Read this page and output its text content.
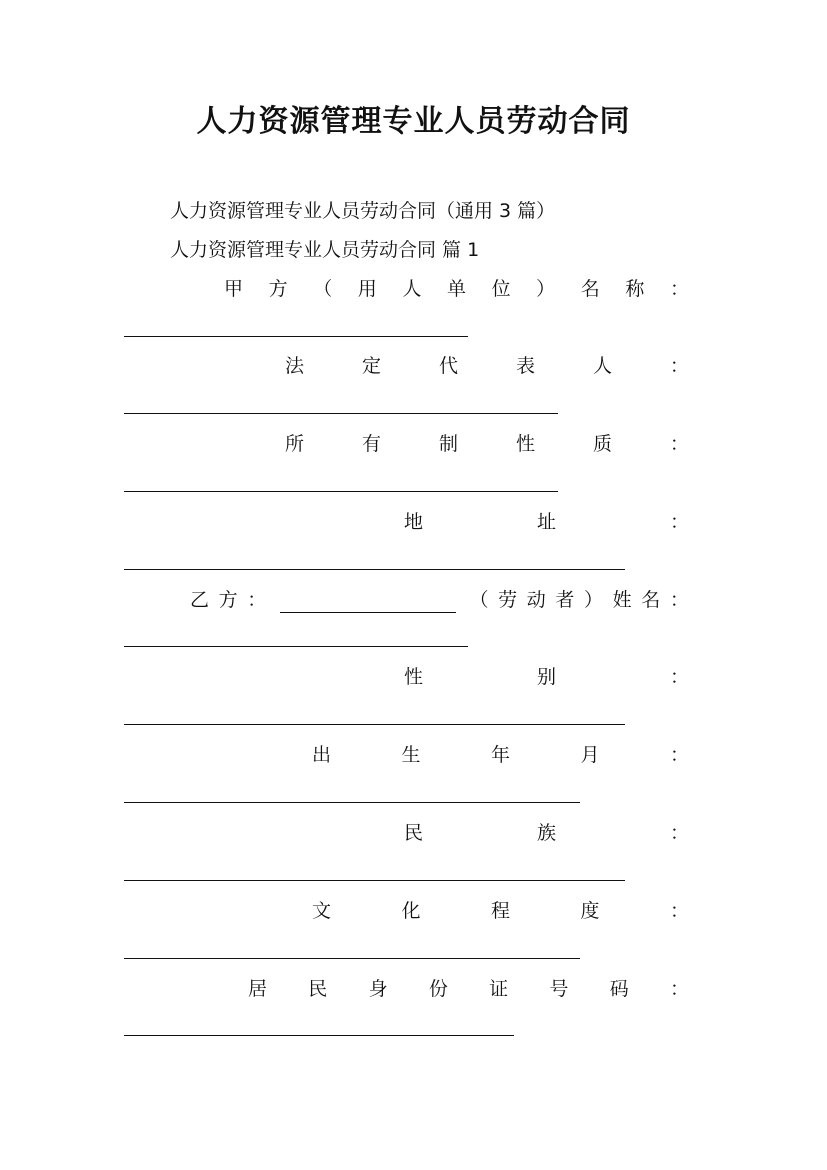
人力资源管理专业人员劳动合同
人力资源管理专业人员劳动合同（通用 3 篇）
人力资源管理专业人员劳动合同 篇 1
甲 方 （ 用 人 单 位 ） 名 称 ：
法	定	代	表	人	：
所	有	制	性	质	：
地	址	：
乙 方 ：	（ 劳 动 者 ） 姓 名 ：
性	别	：
出	生	年	月	：
民	族	：
文	化	程	度	：
居 民 身 份 证 号 码 ：
